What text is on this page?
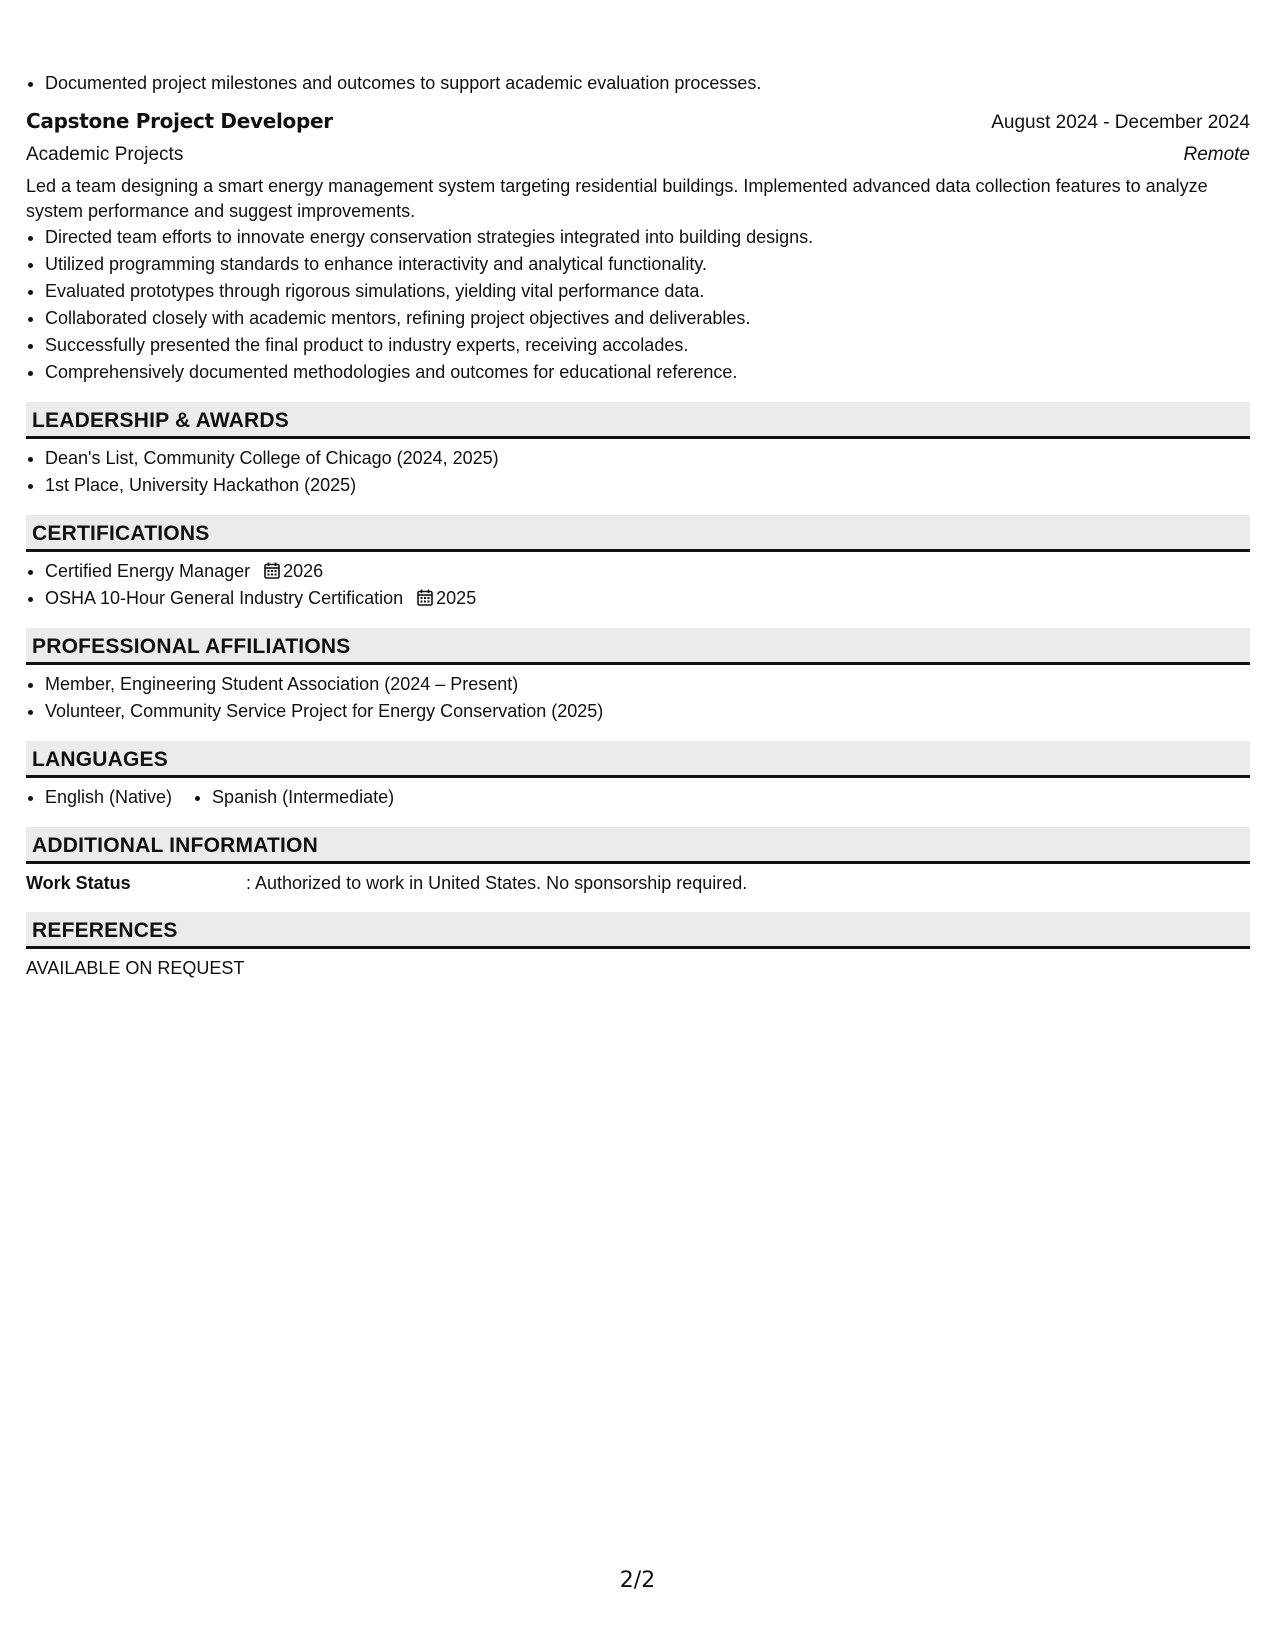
• Documented project milestones and outcomes to support academic evaluation processes.
Capstone Project Developer	August 2024 - December 2024
Academic Projects	Remote
Led a team designing a smart energy management system targeting residential buildings. Implemented advanced data collection features to analyze system performance and suggest improvements.
• Directed team efforts to innovate energy conservation strategies integrated into building designs.
• Utilized programming standards to enhance interactivity and analytical functionality.
• Evaluated prototypes through rigorous simulations, yielding vital performance data.
• Collaborated closely with academic mentors, refining project objectives and deliverables.
• Successfully presented the final product to industry experts, receiving accolades.
• Comprehensively documented methodologies and outcomes for educational reference.
LEADERSHIP & AWARDS
• Dean's List, Community College of Chicago (2024, 2025)
• 1st Place, University Hackathon (2025)
CERTIFICATIONS
• Certified Energy Manager 2026
• OSHA 10-Hour General Industry Certification 2025
PROFESSIONAL AFFILIATIONS
• Member, Engineering Student Association (2024 – Present)
• Volunteer, Community Service Project for Energy Conservation (2025)
LANGUAGES
• English (Native)
• Spanish (Intermediate)
ADDITIONAL INFORMATION
Work Status	: Authorized to work in United States. No sponsorship required.
REFERENCES
AVAILABLE ON REQUEST
2/2
